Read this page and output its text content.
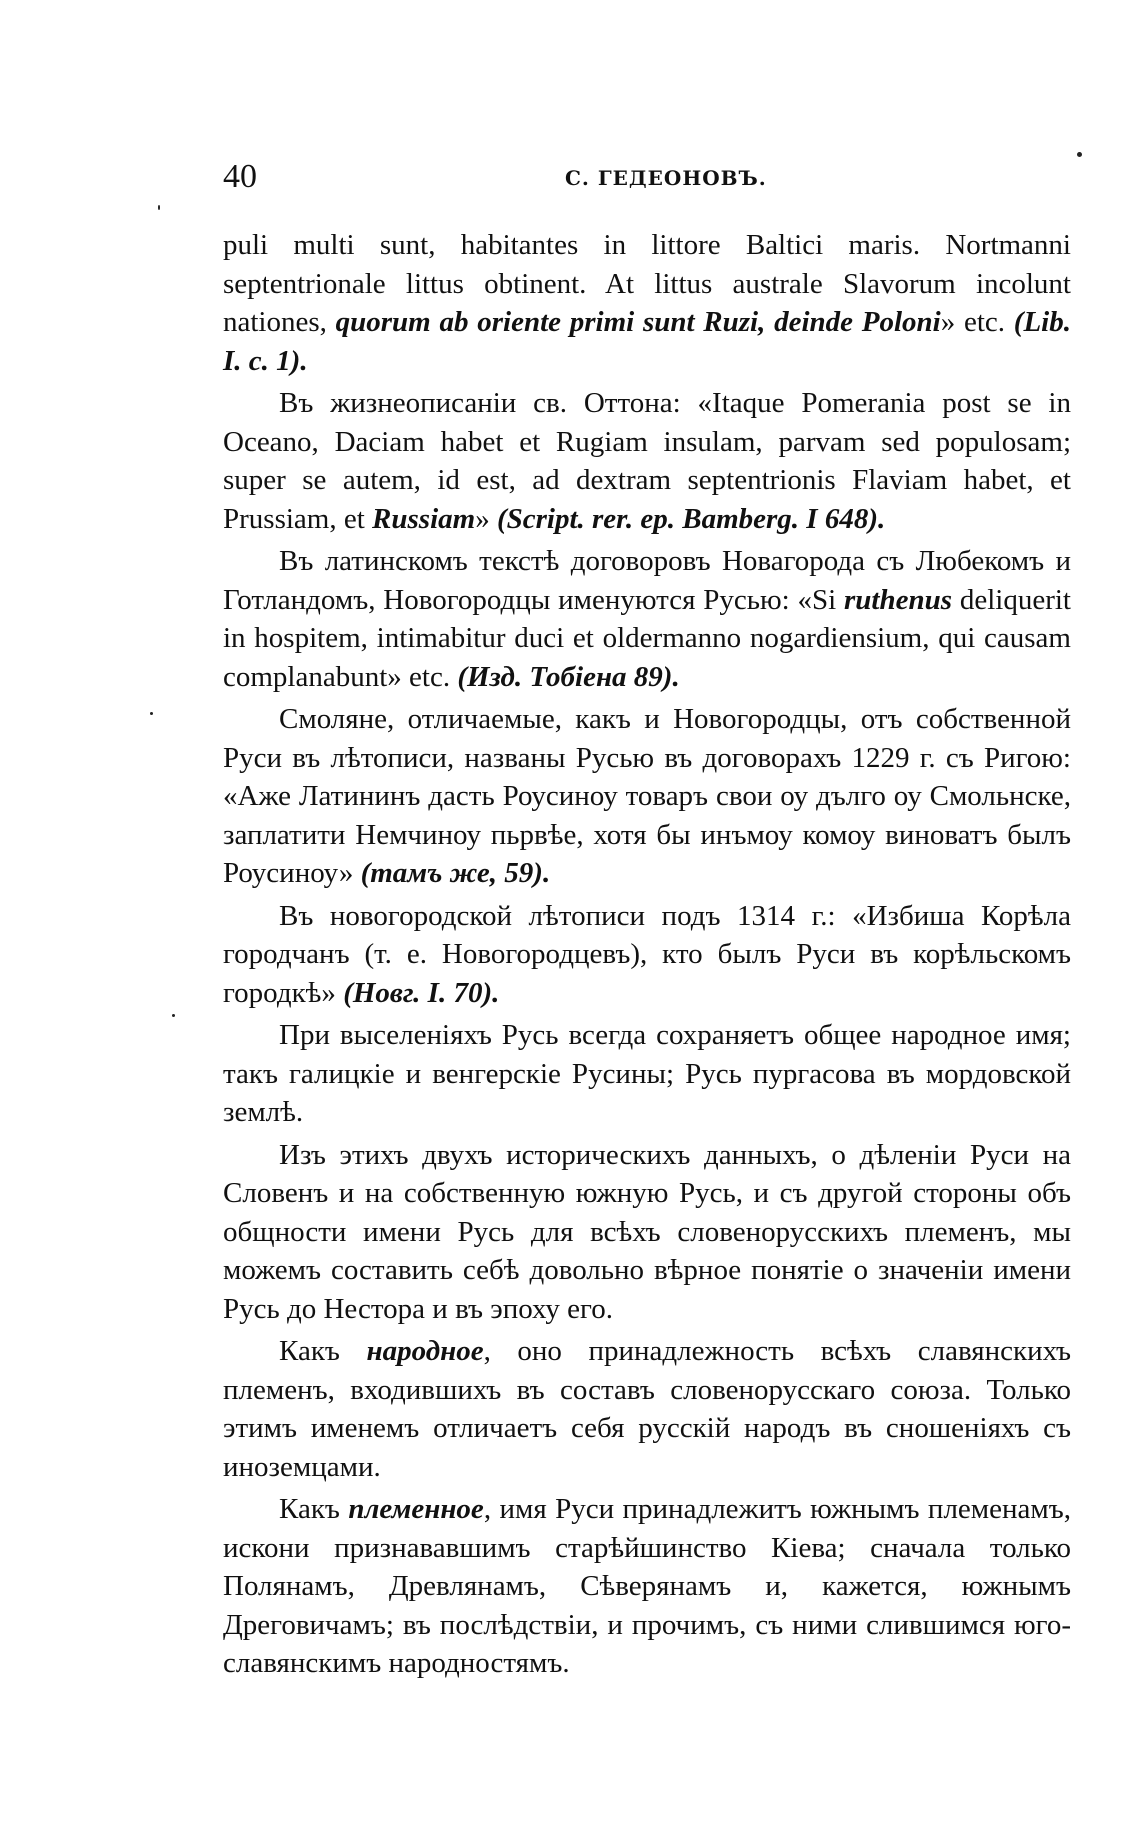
40	С. ГЕДЕОНОВЪ.

puli multi sunt, habitantes in littore Baltici maris. Nortmanni septentrionale littus obtinent. At littus australe Slavorum incolunt nationes, quorum ab oriente primi sunt Ruzi, deinde Poloni» etc. (Lib. I. c. 1).

Въ жизнеописаніи св. Оттона: «Itaque Pomerania post se in Oceano, Daciam habet et Rugiam insulam, parvam sed populosam; super se autem, id est, ad dextram septentrionis Flaviam habet, et Prussiam, et Russiam» (Script. rer. ep. Bamberg. I 648).

Въ латинскомъ текстѣ договоровъ Новагорода съ Любекомъ и Готландомъ, Новогородцы именуются Русью: «Si ruthenus deliquerit in hospitem, intimabitur duci et oldermanno nogardiensium, qui causam complanabunt» etc. (Изд. Тобіена 89).

Смоляне, отличаемые, какъ и Новогородцы, отъ собственной Руси въ лѣтописи, названы Русью въ договорахъ 1229 г. съ Ригою: «Аже Латининъ дасть Роусиноу товаръ свои оу дълго оу Смольнске, заплатити Немчиноу пьрвѣе, хотя бы инъмоу комоу виноватъ былъ Роусиноу» (тамъ же, 59).

Въ новогородской лѣтописи подъ 1314 г.: «Избиша Корѣла городчанъ (т. е. Новогородцевъ), кто былъ Руси въ корѣльскомъ городкѣ» (Новг. I. 70).

При выселеніяхъ Русь всегда сохраняетъ общее народное имя; такъ галицкіе и венгерскіе Русины; Русь пургасова въ мордовской землѣ.

Изъ этихъ двухъ историческихъ данныхъ, о дѣленіи Руси на Словенъ и на собственную южную Русь, и съ другой стороны объ общности имени Русь для всѣхъ словенорусскихъ племенъ, мы можемъ составить себѣ довольно вѣрное понятіе о значеніи имени Русь до Нестора и въ эпоху его.

Какъ народное, оно принадлежность всѣхъ славянскихъ племенъ, входившихъ въ составъ словенорусскаго союза. Только этимъ именемъ отличаетъ себя русскій народъ въ сношеніяхъ съ иноземцами.

Какъ племенное, имя Руси принадлежитъ южнымъ племенамъ, искони признававшимъ старѣйшинство Кіева; сначала только Полянамъ, Древлянамъ, Сѣверянамъ и, кажется, южнымъ Дреговичамъ; въ послѣдствіи, и прочимъ, съ ними слившимся юго-славянскимъ народностямъ.
